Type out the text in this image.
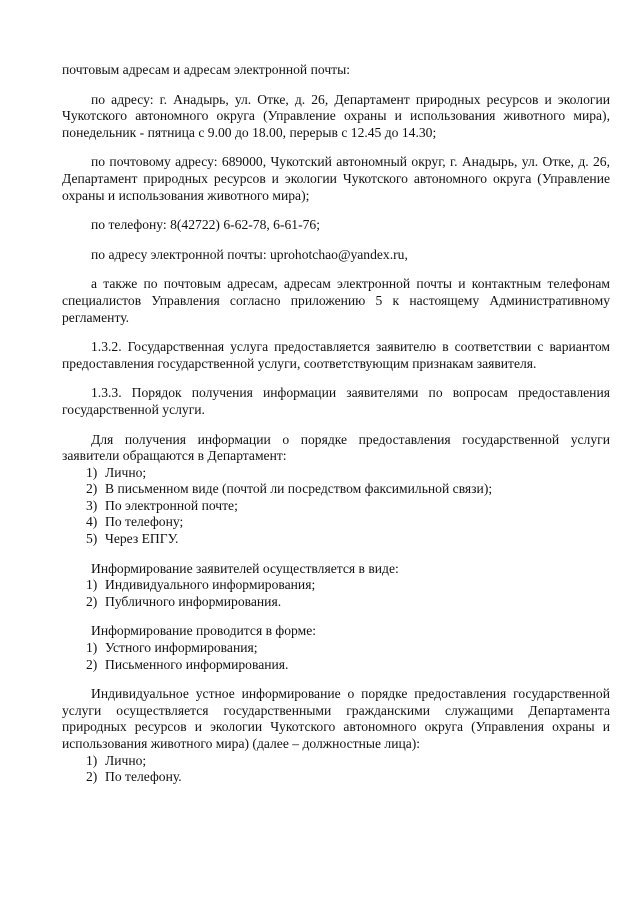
почтовым адресам и адресам электронной почты:

по адресу: г. Анадырь, ул. Отке, д. 26, Департамент природных ресурсов и экологии Чукотского автономного округа (Управление охраны и использования животного мира), понедельник - пятница с 9.00 до 18.00, перерыв с 12.45 до 14.30;

по почтовому адресу: 689000, Чукотский автономный округ, г. Анадырь, ул. Отке, д. 26, Департамент природных ресурсов и экологии Чукотского автономного округа (Управление охраны и использования животного мира);

по телефону: 8(42722) 6-62-78, 6-61-76;

по адресу электронной почты: uprohotchao@yandex.ru,

а также по почтовым адресам, адресам электронной почты и контактным телефонам специалистов Управления согласно приложению 5 к настоящему Административному регламенту.

1.3.2. Государственная услуга предоставляется заявителю в соответствии с вариантом предоставления государственной услуги, соответствующим признакам заявителя.

1.3.3. Порядок получения информации заявителями по вопросам предоставления государственной услуги.

Для получения информации о порядке предоставления государственной услуги заявители обращаются в Департамент:

1) Лично;
2) В письменном виде (почтой ли посредством факсимильной связи);
3) По электронной почте;
4) По телефону;
5) Через ЕПГУ.

Информирование заявителей осуществляется в виде:

1) Индивидуального информирования;
2) Публичного информирования.

Информирование проводится в форме:

1) Устного информирования;
2) Письменного информирования.

Индивидуальное устное информирование о порядке предоставления государственной услуги осуществляется государственными гражданскими служащими Департамента природных ресурсов и экологии Чукотского автономного округа (Управления охраны и использования животного мира) (далее – должностные лица):

1) Лично;
2) По телефону.
